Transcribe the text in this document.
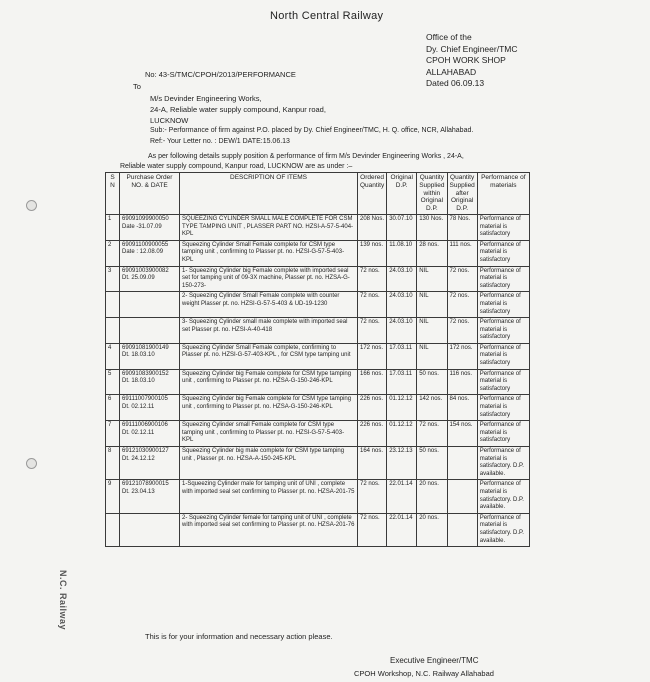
North Central Railway
Office of the
Dy. Chief Engineer/TMC
CPOH WORK SHOP
ALLAHABAD
Dated 06.09.13
No: 43-S/TMC/CPOH/2013/PERFORMANCE
To
M/s Devinder Engineering Works,
24-A, Reliable water supply compound, Kanpur road,
LUCKNOW
Sub:- Performance of firm against P.O. placed by Dy. Chief Engineer/TMC, H. Q. office, NCR, Allahabad.
Ref:- Your Letter no. : DEW/1 DATE:15.06.13
As per following details supply position & performance of firm M/s Devinder Engineering Works , 24-A,
Reliable water supply compound, Kanpur road, LUCKNOW are as under :–
S N	Purchase Order NO. & DATE	DESCRIPTION OF ITEMS	Ordered Quantity	Original D.P.	Quantity Supplied within Original D.P.	Quantity Supplied after Original D.P.	Performance of materials
1	69091099900050 Date -31.07.09	SQUEEZING CYLINDER SMALL MALE COMPLETE FOR CSM TYPE TAMPING UNIT , PLASSER PART NO. HZSI-A-57-5-404-KPL	208 Nos.	30.07.10	130 Nos.	78 Nos.	Performance of material is satisfactory
2	69091100900055 Date : 12.08.09	Squeezing Cylinder Small Female complete for CSM type tamping unit , confirming to Plasser pt. no. HZSI-G-57-5-403-KPL	139 nos.	11.08.10	28 nos.	111 nos.	Performance of material is satisfactory
3	69091003900082 Dt. 25.09.09	1- Squeezing Cylinder big Female complete with imported seal set for tamping unit of 09-3X machine, Plasser pt. no. HZSA-G-150-273-	72 nos.	24.03.10	NIL	72 nos.	Performance of material is satisfactory
		2- Squeezing Cylinder Small Female complete with counter weight Plasser pt. no. HZSI-G-57-5-403 & UD-19-1230	72 nos.	24.03.10	NIL	72 nos.	Performance of material is satisfactory
		3- Squeezing Cylinder small male complete with imported seal set Plasser pt. no. HZSI-A-40-418	72 nos.	24.03.10	NIL	72 nos.	Performance of material is satisfactory
4	69091081900149 Dt. 18.03.10	Squeezing Cylinder Small Female complete, confirming to Plasser pt. no. HZSI-G-57-403-KPL , for CSM type tamping unit	172 nos.	17.03.11	NIL	172 nos.	Performance of material is satisfactory
5	69091083900152 Dt. 18.03.10	Squeezing Cylinder big Female complete for CSM type tamping unit , confirming to Plasser pt. no. HZSA-G-150-246-KPL	166 nos.	17.03.11	50 nos.	116 nos.	Performance of material is satisfactory
6	69111007900105 Dt. 02.12.11	Squeezing Cylinder big Female complete for CSM type tamping unit , confirming to Plasser pt. no. HZSA-G-150-246-KPL	226 nos.	01.12.12	142 nos.	84 nos.	Performance of material is satisfactory
7	69111006900106 Dt. 02.12.11	Squeezing Cylinder small Female complete for CSM type tamping unit , confirming to Plasser pt. no. HZSI-G-57-5-403-KPL	226 nos.	01.12.12	72 nos.	154 nos.	Performance of material is satisfactory
8	69121030900127 Dt. 24.12.12	Squeezing Cylinder big male complete for CSM type tamping unit , Plasser pt. no. HZSA-A-150-245-KPL	164 nos.	23.12.13	50 nos.		Performance of material is satisfactory. D.P. available.
9	69121078900015 Dt. 23.04.13	1-Squeezing Cylinder male for tamping unit of UNI , complete with imported seal set confirming to Plasser pt. no. HZSA-201-75	72 nos.	22.01.14	20 nos.		Performance of material is satisfactory. D.P. available.
		2- Squeezing Cylinder female for tamping unit of UNI , complete with imported seal set confirming to Plasser pt. no. HZSA-201-76	72 nos.	22.01.14	20 nos.		Performance of material is satisfactory. D.P. available.
This is for your information and necessary action please.
Executive Engineer/TMC
CPOH Workshop, N.C. Railway Allahabad
N.C. Railway
